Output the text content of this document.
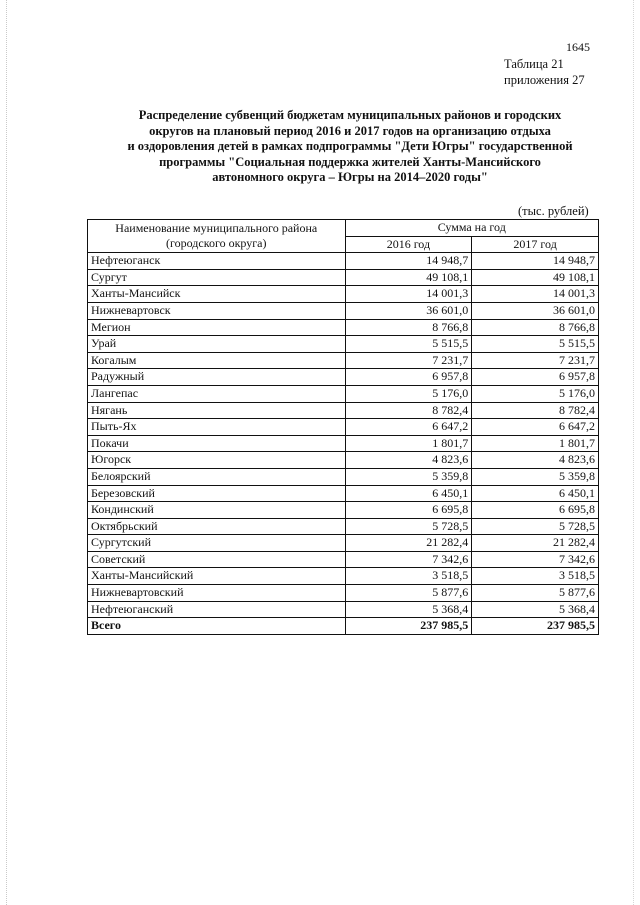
1645
Таблица 21
приложения 27
Распределение субвенций бюджетам муниципальных районов и городских
округов на плановый период 2016 и 2017 годов на организацию отдыха
и оздоровления детей в рамках подпрограммы "Дети Югры" государственной
программы "Социальная поддержка жителей Ханты-Мансийского
автономного округа – Югры на 2014–2020 годы"
(тыс. рублей)
Наименование муниципального района
(городского округа)	Сумма на год	
	2016 год	2017 год
Нефтеюганск	14 948,7	14 948,7
Сургут	49 108,1	49 108,1
Ханты-Мансийск	14 001,3	14 001,3
Нижневартовск	36 601,0	36 601,0
Мегион	8 766,8	8 766,8
Урай	5 515,5	5 515,5
Когалым	7 231,7	7 231,7
Радужный	6 957,8	6 957,8
Лангепас	5 176,0	5 176,0
Нягань	8 782,4	8 782,4
Пыть-Ях	6 647,2	6 647,2
Покачи	1 801,7	1 801,7
Югорск	4 823,6	4 823,6
Белоярский	5 359,8	5 359,8
Березовский	6 450,1	6 450,1
Кондинский	6 695,8	6 695,8
Октябрьский	5 728,5	5 728,5
Сургутский	21 282,4	21 282,4
Советский	7 342,6	7 342,6
Ханты-Мансийский	3 518,5	3 518,5
Нижневартовский	5 877,6	5 877,6
Нефтеюганский	5 368,4	5 368,4
Всего	237 985,5	237 985,5
